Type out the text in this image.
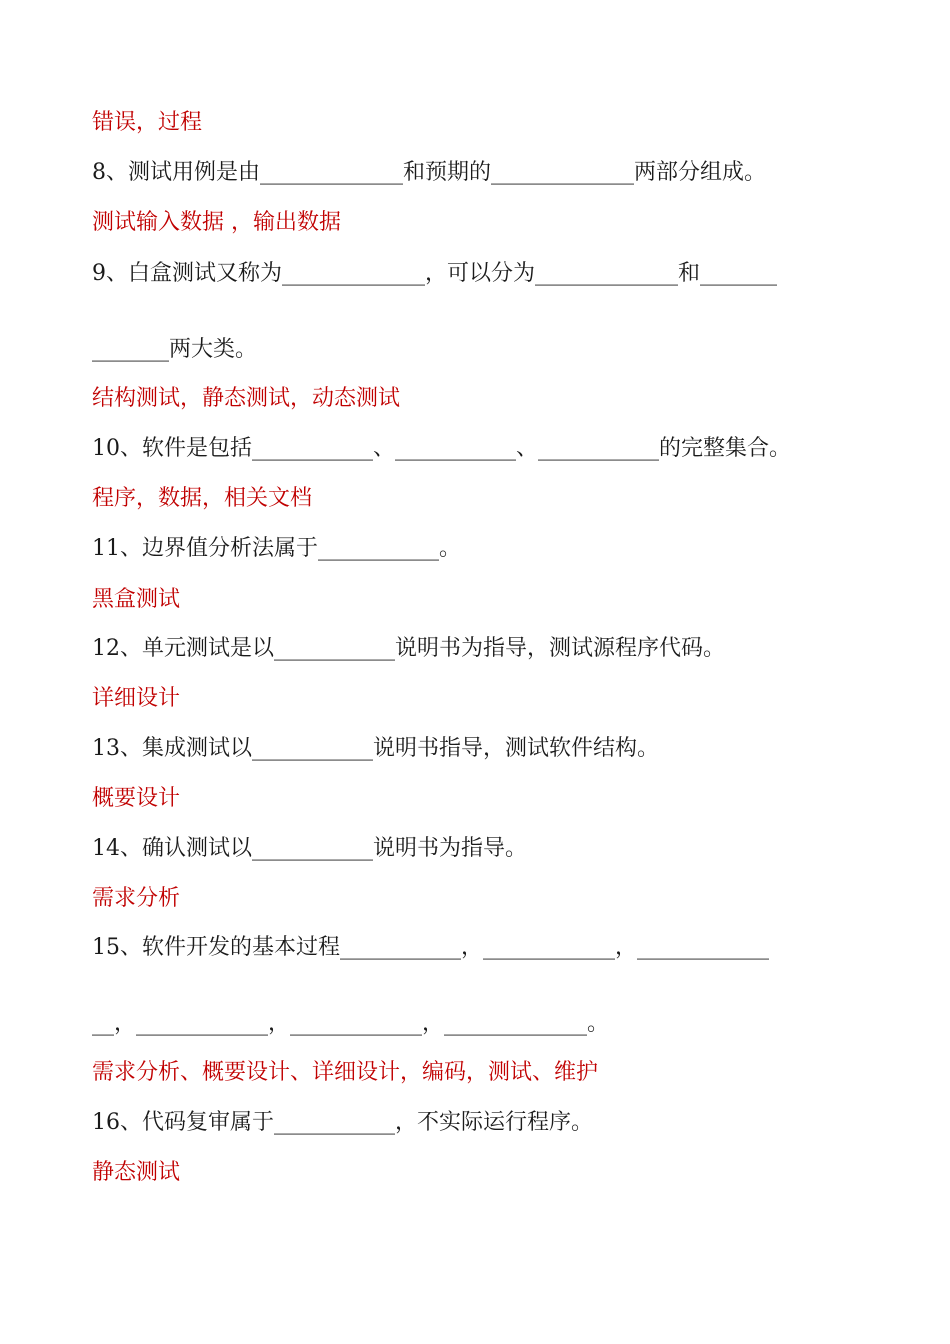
错误，过程

8、测试用例是由_____________和预期的_____________两部分组成。

测试输入数据 ，输出数据

9、白盒测试又称为_____________，可以分为_____________和_______

_______两大类。

结构测试，静态测试，动态测试

10、软件是包括___________、___________、___________的完整集合。

程序，数据，相关文档

11、边界值分析法属于___________。

黑盒测试

12、单元测试是以___________说明书为指导，测试源程序代码。

详细设计

13、集成测试以___________说明书指导，测试软件结构。

概要设计

14、确认测试以___________说明书为指导。

需求分析

15、软件开发的基本过程___________，____________，____________

__，____________，____________，_____________。

需求分析、概要设计、详细设计，编码，测试、维护

16、代码复审属于___________，不实际运行程序。

静态测试
